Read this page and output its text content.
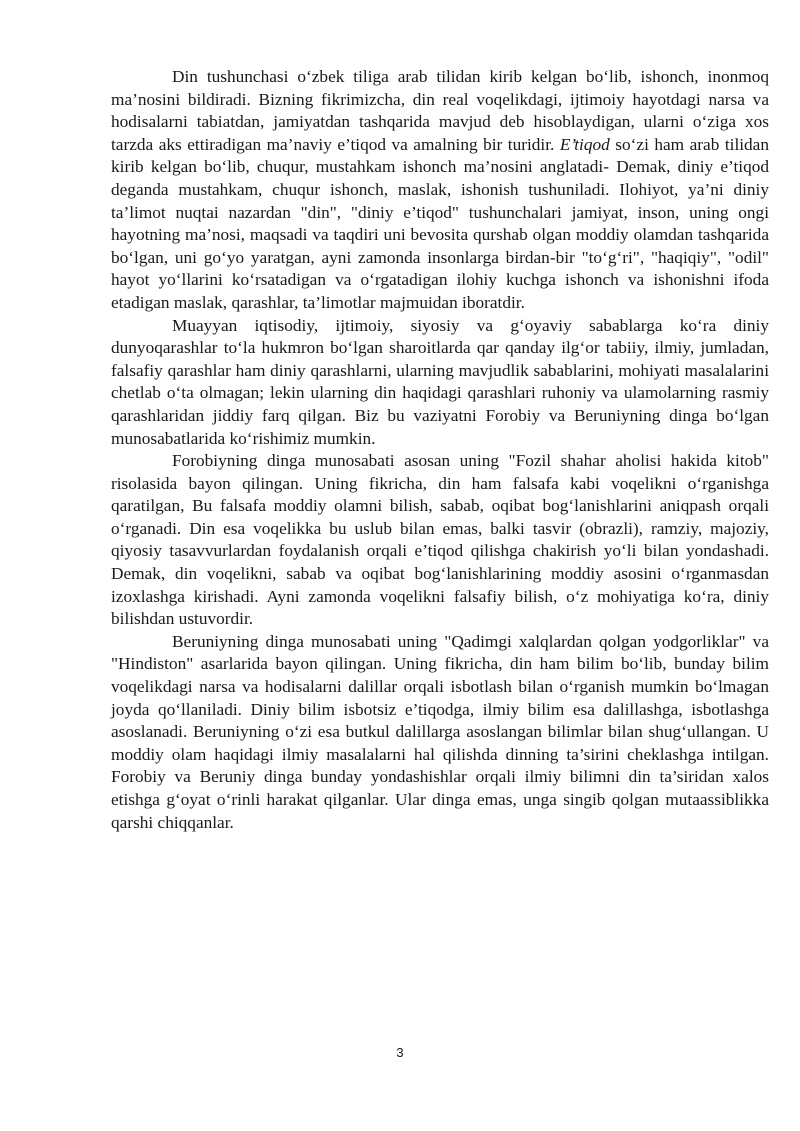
Din tushunchasi o‘zbek tiligа arab tilidan kirib kelgan bo‘lib, ishonch, inonmoq ma’nosini bildiradi. Bizning fikrimizcha, din real voqelikdagi, ijtimoiy hayotdagi narsa va hodisalarni tabiatdan, jamiyatdan tashqarida mavjud deb hisoblaydigan, ularni o‘ziga xos tarzda aks ettiradigan ma’naviy e’tiqod va amalning bir turidir. E’tiqod so‘zi ham arab tilidan kirib kelgan bo‘lib, chuqur, mustahkam ishonch ma’nosini anglatadi- Demak, diniy e’tiqod deganda mustahkam, chuqur ishonch, maslak, ishonish tushuniladi. Ilohiyot, ya’ni diniy ta’limot nuqtai nazardan "din", "diniy e’tiqod" tushunchalari jamiyat, inson, uning ongi hayotning ma’nosi, maqsadi va taqdiri uni bevosita qurshab olgan moddiy olamdan tashqarida bo‘lgan, uni go‘yo yaratgan, ayni zamonda insonlarga birdan-bir "to‘g‘ri", "haqiqiy", "odil" hayot yo‘llarini ko‘rsatadigan va o‘rgatadigan ilohiy kuchga ishonch va ishonishni ifoda etadigan maslak, qarashlar, ta’limotlar majmuidan iboratdir.

Muayyan iqtisodiy, ijtimoiy, siyosiy va g‘oyaviy sabablarga ko‘ra diniy dunyoqarashlar to‘la hukmron bo‘lgan sharoitlarda qar qanday ilg‘or tabiiy, ilmiy, jumladan, falsafiy qarashlar ham diniy qarashlarni, ularning mavjudlik sabablarini, mohiyati masalalarini chetlab o‘ta olmagan; lekin ularning din haqidagi qarashlari ruhoniy va ulamolarning rasmiy qarashlaridan jiddiy farq qilgan. Biz bu vaziyatni Forobiy va Beruniyning dinga bo‘lgan munosabatlarida ko‘rishimiz mumkin.

Forobiyning dinga munosabati asosan uning "Fozil shahar aholisi hakida kitob" risolasida bayon qilingan. Uning fikricha, din ham falsafa kabi voqelikni o‘rganishga qaratilgan, Bu falsafa moddiy olamni bilish, sabab, oqibat bog‘lanishlarini aniqpash orqali o‘rganadi. Din esa voqelikka bu uslub bilan emas, balki tasvir (obrazli), ramziy, majoziy, qiyosiy tasavvurlardan foydalanish orqali e’tiqod qilishga chakirish yo‘li bilan yondashadi. Demak, din voqelikni, sabab va oqibat bog‘lanishlarining moddiy asosini o‘rganmasdan izoxlashga kirishadi. Ayni zamonda voqelikni falsafiy bilish, o‘z mohiyatiga ko‘ra, diniy bilishdan ustuvordir.

Beruniyning dinga munosabati uning "Qadimgi xalqlardan qolgan yodgorliklar" va "Hindiston" asarlarida bayon qilingan. Uning fikricha, din ham bilim bo‘lib, bunday bilim voqelikdagi narsa va hodisalarni dalillar orqali isbotlash bilan o‘rganish mumkin bo‘lmagan joyda qo‘llaniladi. Diniy bilim isbotsiz e’tiqodga, ilmiy bilim esa dalillashga, isbotlashga asoslanadi. Beruniyning o‘zi esa butkul dalillarga asoslangan bilimlar bilan shug‘ullangan. U moddiy olam haqidagi ilmiy masalalarni hal qilishda dinning ta’sirini cheklashga intilgan. Forobiy va Beruniy dinga bunday yondashishlar orqali ilmiy bilimni din ta’siridan xalos etishga g‘oyat o‘rinli harakat qilganlar. Ular dinga emas, unga singib qolgan mutaassiblikka qarshi chiqqanlar.

3
